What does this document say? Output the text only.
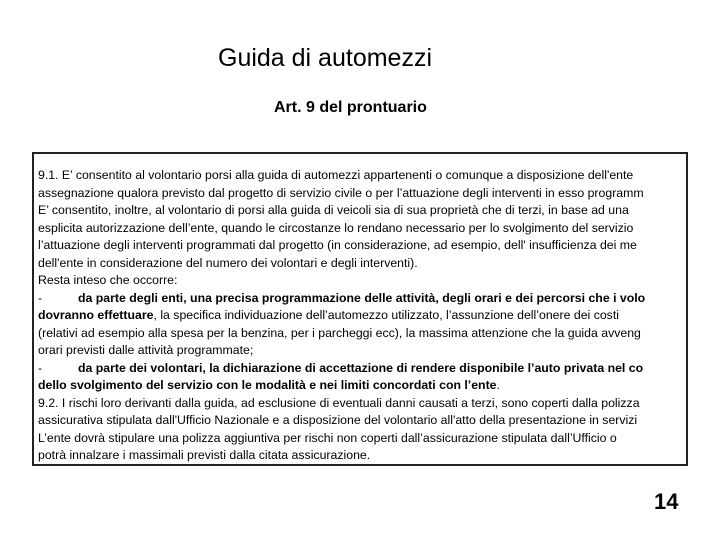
Guida di automezzi
Art. 9 del prontuario
9.1. E’ consentito al volontario porsi alla guida di automezzi appartenenti o comunque a disposizione dell'ente
assegnazione qualora previsto dal progetto di servizio civile o per l’attuazione degli interventi in esso programm
E’ consentito, inoltre, al volontario di porsi alla guida di veicoli sia di sua proprietà che di terzi, in base ad una
esplicita autorizzazione dell’ente, quando le circostanze lo rendano necessario per lo svolgimento del servizio
l’attuazione degli interventi programmati dal progetto (in considerazione, ad esempio, dell' insufficienza dei me
dell'ente in considerazione del numero dei volontari e degli interventi).
Resta inteso che occorre:
-	da parte degli enti, una precisa programmazione delle attività, degli orari e dei percorsi che i volo
dovranno effettuare, la specifica individuazione dell’automezzo utilizzato, l’assunzione dell’onere dei costi
(relativi ad esempio alla spesa per la benzina, per i parcheggi ecc), la massima attenzione che la guida avveng
orari previsti dalle attività programmate;
-	da parte dei volontari, la dichiarazione di accettazione di rendere disponibile l’auto privata nel co
dello svolgimento del servizio con le modalità e nei limiti concordati con l’ente.
9.2. I rischi loro derivanti dalla guida, ad esclusione di eventuali danni causati a terzi, sono coperti dalla polizza
assicurativa stipulata dall'Ufficio Nazionale e a disposizione del volontario all'atto della presentazione in servizi
L’ente dovrà stipulare una polizza aggiuntiva per rischi non coperti dall’assicurazione stipulata dall’Ufficio o
potrà innalzare i massimali previsti dalla citata assicurazione.
14
